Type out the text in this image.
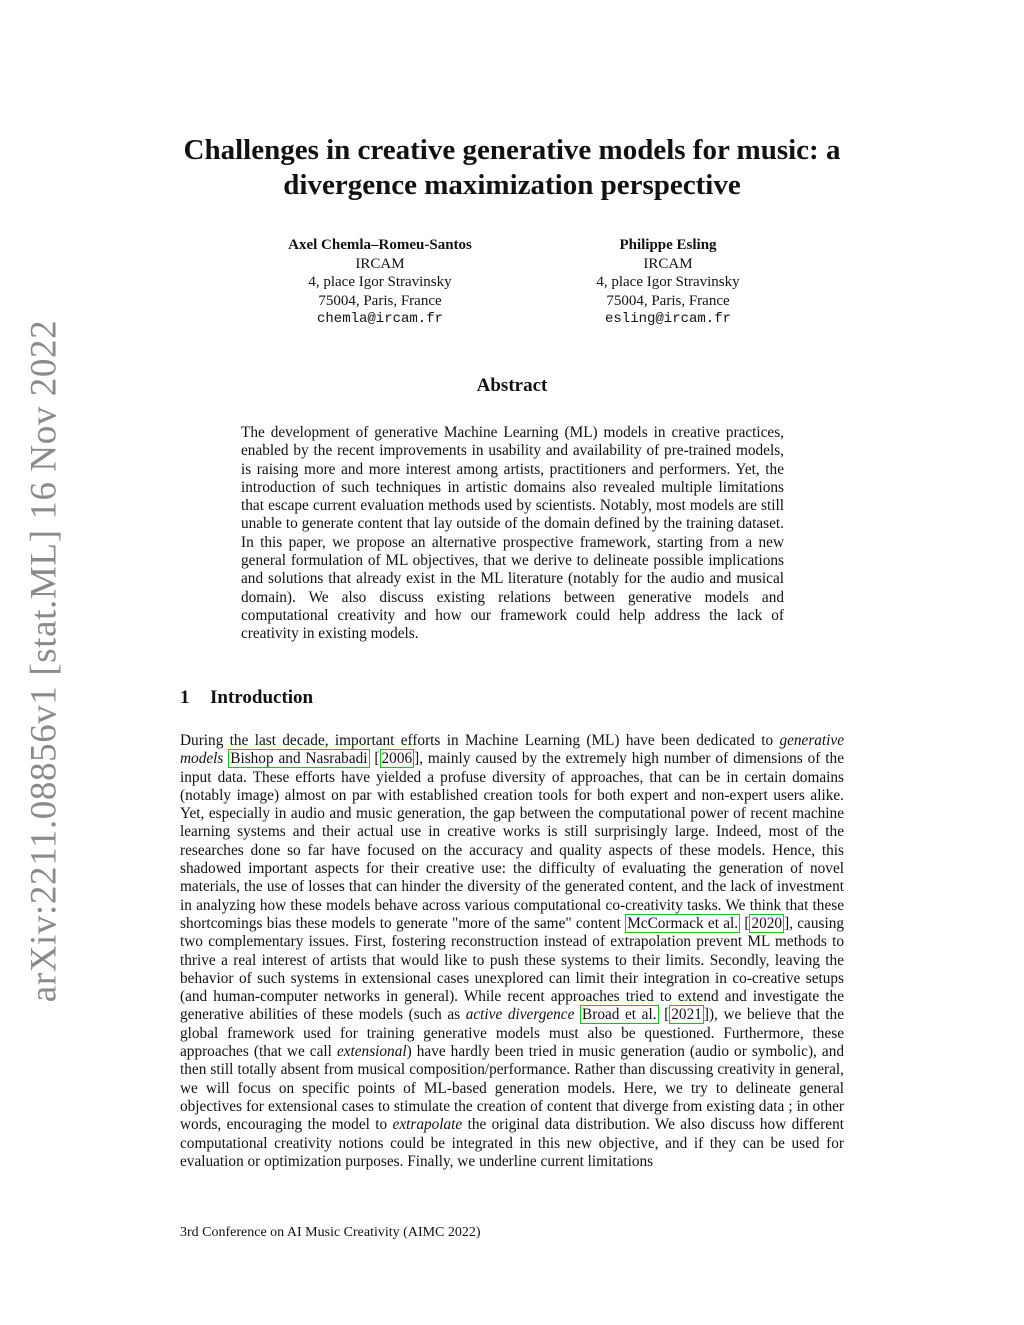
arXiv:2211.08856v1 [stat.ML] 16 Nov 2022
Challenges in creative generative models for music: a divergence maximization perspective
Axel Chemla–Romeu-Santos
IRCAM
4, place Igor Stravinsky
75004, Paris, France
chemla@ircam.fr
Philippe Esling
IRCAM
4, place Igor Stravinsky
75004, Paris, France
esling@ircam.fr
Abstract

The development of generative Machine Learning (ML) models in creative practices, enabled by the recent improvements in usability and availability of pre-trained models, is raising more and more interest among artists, practitioners and performers. Yet, the introduction of such techniques in artistic domains also revealed multiple limitations that escape current evaluation methods used by scientists. Notably, most models are still unable to generate content that lay outside of the domain defined by the training dataset. In this paper, we propose an alternative prospective framework, starting from a new general formulation of ML objectives, that we derive to delineate possible implications and solutions that already exist in the ML literature (notably for the audio and musical domain). We also discuss existing relations between generative models and computational creativity and how our framework could help address the lack of creativity in existing models.

1 Introduction

During the last decade, important efforts in Machine Learning (ML) have been dedicated to generative models Bishop and Nasrabadi [ 2006 ], mainly caused by the extremely high number of dimensions of the input data. These efforts have yielded a profuse diversity of approaches, that can be in certain domains (notably image) almost on par with established creation tools for both expert and non-expert users alike. Yet, especially in audio and music generation, the gap between the computational power of recent machine learning systems and their actual use in creative works is still surprisingly large. Indeed, most of the researches done so far have focused on the accuracy and quality aspects of these models. Hence, this shadowed important aspects for their creative use: the difficulty of evaluating the generation of novel materials, the use of losses that can hinder the diversity of the generated content, and the lack of investment in analyzing how these models behave across various computational co-creativity tasks. We think that these shortcomings bias these models to generate "more of the same" content McCormack et al. [ 2020 ], causing two complementary issues. First, fostering reconstruction instead of extrapolation prevent ML methods to thrive a real interest of artists that would like to push these systems to their limits. Secondly, leaving the behavior of such systems in extensional cases unexplored can limit their integration in co-creative setups (and human-computer networks in general). While recent approaches tried to extend and investigate the generative abilities of these models (such as active divergence Broad et al. [ 2021 ]), we believe that the global framework used for training generative models must also be questioned. Furthermore, these approaches (that we call extensional) have hardly been tried in music generation (audio or symbolic), and then still totally absent from musical composition/performance. Rather than discussing creativity in general, we will focus on specific points of ML-based generation models. Here, we try to delineate general objectives for extensional cases to stimulate the creation of content that diverge from existing data ; in other words, encouraging the model to extrapolate the original data distribution. We also discuss how different computational creativity notions could be integrated in this new objective, and if they can be used for evaluation or optimization purposes. Finally, we underline current limitations

3rd Conference on AI Music Creativity (AIMC 2022)
